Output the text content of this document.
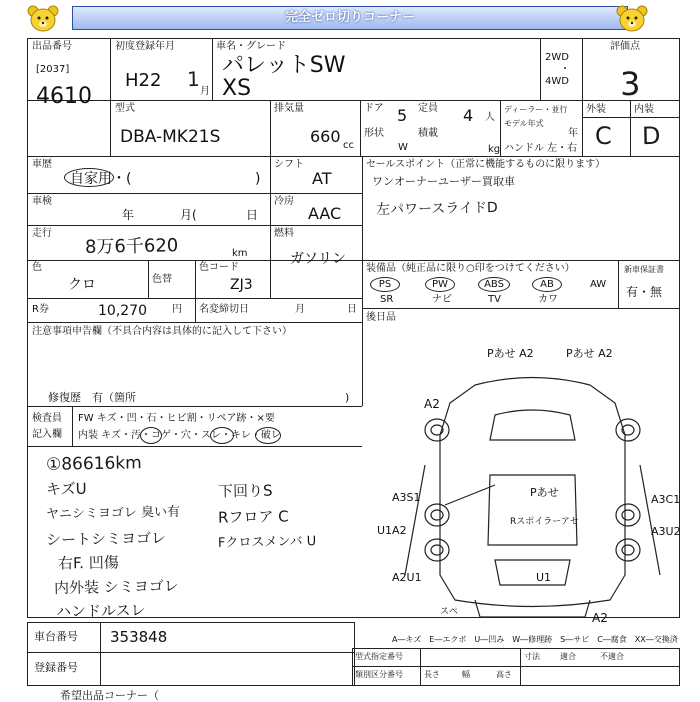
完全ゼロ切りコーナー
出品番号
[2037]
4610
初度登録年月
H22 1
月
車名・グレード
パレットSW
XS
2WD
・
4WD
評価点
3
型式
DBA-MK21S
排気量
660 cc
ドア 5 定員 4 人
形状
W
積載
kg
ディーラー・並行
モデル年式
年
ハンドル 左・右
外装	内装
C D
車歴
自家用・(	)
シフト
AT
車検
年	月(	日
冷房
AAC
走行
8万6千620	km
燃料
ガソリン
色
クロ	色替
色コード
ZJ3
R券	10,270	円 名変締切日	月	日
注意事項申告欄（不具合内容は具体的に記入して下さい）
修復歴　有（箇所	)
セールスポイント（正常に機能するものに限ります）
ワンオーナーユーザー買取車
左パワースライドD
装備品（純正品に限り○印をつけてください）
PS	PW	ABS	AB	AW
SR	ナビ	TV	カワ
新車保証書
有・無
後日品
検査員
記入欄
FW キズ・凹・石・ヒビ割・リペア跡・×要
内装 キズ・汚・コゲ・穴・スレ・キレ・破レ
①86616km
キズU
ヤニシミヨゴレ 臭い有
シートシミヨゴレ
右F. 凹傷
内外装 シミヨゴレ
ハンドルスレ
下回りS
Rフロア C
Fクロスメンバ U
Pあせ A2	Pあせ A2
A2
A3S1
U1A2
A2U1
スペ
Pあせ
Rスポイラーアセ
A3C1
A3U2
U1
A2
車台番号 353848
登録番号
A―キズ　E―エクボ　U―凹み　W―修理跡　S―サビ　C―腐食　XX―交換済
型式指定番号
類別区分番号	長さ	幅	高さ
寸法	適合	不適合
希望出品コーナー（
